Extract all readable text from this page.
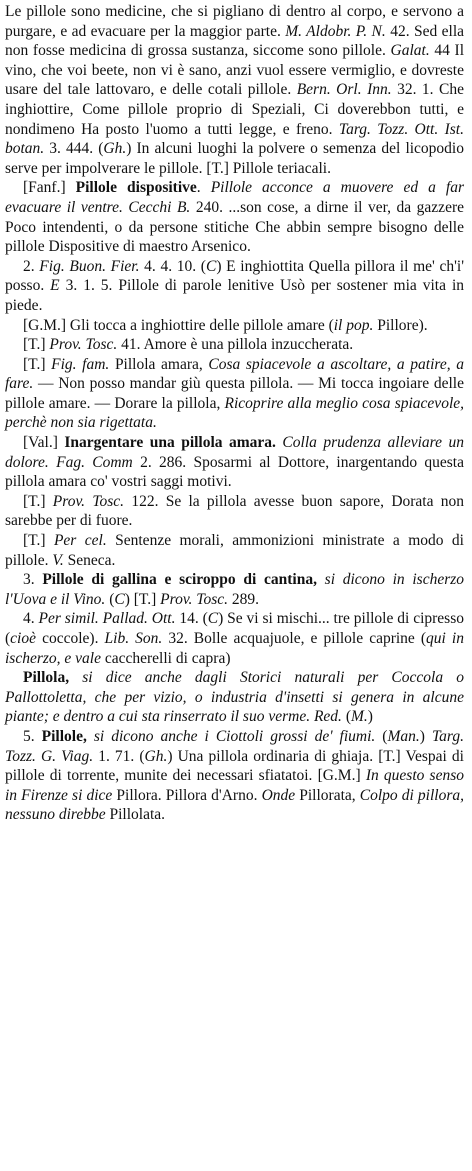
Le pillole sono medicine, che si pigliano di dentro al corpo, e servono a purgare, e ad evacuare per la maggior parte. M. Aldobr. P. N. 42. Sed ella non fosse medicina di grossa sustanza, siccome sono pillole. Galat. 44 Il vino, che voi beete, non vi è sano, anzi vuol essere vermiglio, e dovreste usare del tale lattovaro, e delle cotali pillole. Bern. Orl. Inn. 32. 1. Che inghiottire, Come pillole proprio di Speziali, Ci doverebbon tutti, e nondimeno Ha posto l'uomo a tutti legge, e freno. Targ. Tozz. Ott. Ist. botan. 3. 444. (Gh.) In alcuni luoghi la polvere o semenza del licopodio serve per impolverare le pillole. [T.] Pillole teriacali.

[Fanf.] Pillole dispositive. Pillole acconce a muovere ed a far evacuare il ventre. Cecchi B. 240. ...son cose, a dirne il ver, da gazzere Poco intendenti, o da persone stitiche Che abbin sempre bisogno delle pillole Dispositive di maestro Arsenico.

2. Fig. Buon. Fier. 4. 4. 10. (C) E inghiottita Quella pillora il me' ch'i' posso. E 3. 1. 5. Pillole di parole lenitive Usò per sostener mia vita in piede.

[G.M.] Gli tocca a inghiottire delle pillole amare (il pop. Pillore).

[T.] Prov. Tosc. 41. Amore è una pillola inzuccherata.

[T.] Fig. fam. Pillola amara, Cosa spiacevole a ascoltare, a patire, a fare. — Non posso mandar giù questa pillola. — Mi tocca ingoiare delle pillole amare. — Dorare la pillola, Ricoprire alla meglio cosa spiacevole, perchè non sia rigettata.

[Val.] Inargentare una pillola amara. Colla prudenza alleviare un dolore. Fag. Comm 2. 286. Sposarmi al Dottore, inargentando questa pillola amara co' vostri saggi motivi.

[T.] Prov. Tosc. 122. Se la pillola avesse buon sapore, Dorata non sarebbe per di fuore.

[T.] Per cel. Sentenze morali, ammonizioni ministrate a modo di pillole. V. Seneca.

3. Pillole di gallina e sciroppo di cantina, si dicono in ischerzo l'Uova e il Vino. (C) [T.] Prov. Tosc. 289.

4. Per simil. Pallad. Ott. 14. (C) Se vi si mischi... tre pillole di cipresso (cioè coccole). Lib. Son. 32. Bolle acquajuole, e pillole caprine (qui in ischerzo, e vale caccherelli di capra)

Pillola, si dice anche dagli Storici naturali per Coccola o Pallottoletta, che per vizio, o industria d'insetti si genera in alcune piante; e dentro a cui sta rinserrato il suo verme. Red. (M.)

5. Pillole, si dicono anche i Ciottoli grossi de' fiumi. (Man.) Targ. Tozz. G. Viag. 1. 71. (Gh.) Una pillola ordinaria di ghiaja. [T.] Vespai di pillole di torrente, munite dei necessari sfiatatoi. [G.M.] In questo senso in Firenze si dice Pillora. Pillora d'Arno. Onde Pillorata, Colpo di pillora, nessuno direbbe Pillolata.
